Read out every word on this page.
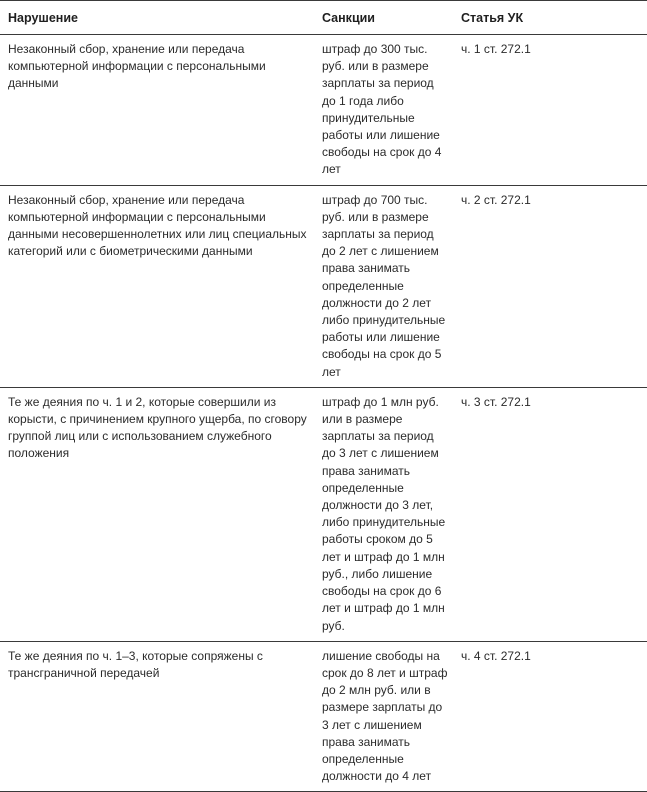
Нарушение	Санкции	Статья УК
Незаконный сбор, хранение или передача компьютерной информации с персональными данными	штраф до 300 тыс. руб. или в размере зарплаты за период до 1 года либо принудительные работы или лишение свободы на срок до 4 лет	ч. 1 ст. 272.1
Незаконный сбор, хранение или передача компьютерной информации с персональными данными несовершеннолетних или лиц специальных категорий или с биометрическими данными	штраф до 700 тыс. руб. или в размере зарплаты за период до 2 лет с лишением права занимать определенные должности до 2 лет либо принудительные работы или лишение свободы на срок до 5 лет	ч. 2 ст. 272.1
Те же деяния по ч. 1 и 2, которые совершили из корысти, с причинением крупного ущерба, по сговору группой лиц или с использованием служебного положения	штраф до 1 млн руб. или в размере зарплаты за период до 3 лет с лишением права занимать определенные должности до 3 лет, либо принудительные работы сроком до 5 лет и штраф до 1 млн руб., либо лишение свободы на срок до 6 лет и штраф до 1 млн руб.	ч. 3 ст. 272.1
Те же деяния по ч. 1–3, которые сопряжены с трансграничной передачей	лишение свободы на срок до 8 лет и штраф до 2 млн руб. или в размере зарплаты до 3 лет с лишением права занимать определенные должности до 4 лет	ч. 4 ст. 272.1
